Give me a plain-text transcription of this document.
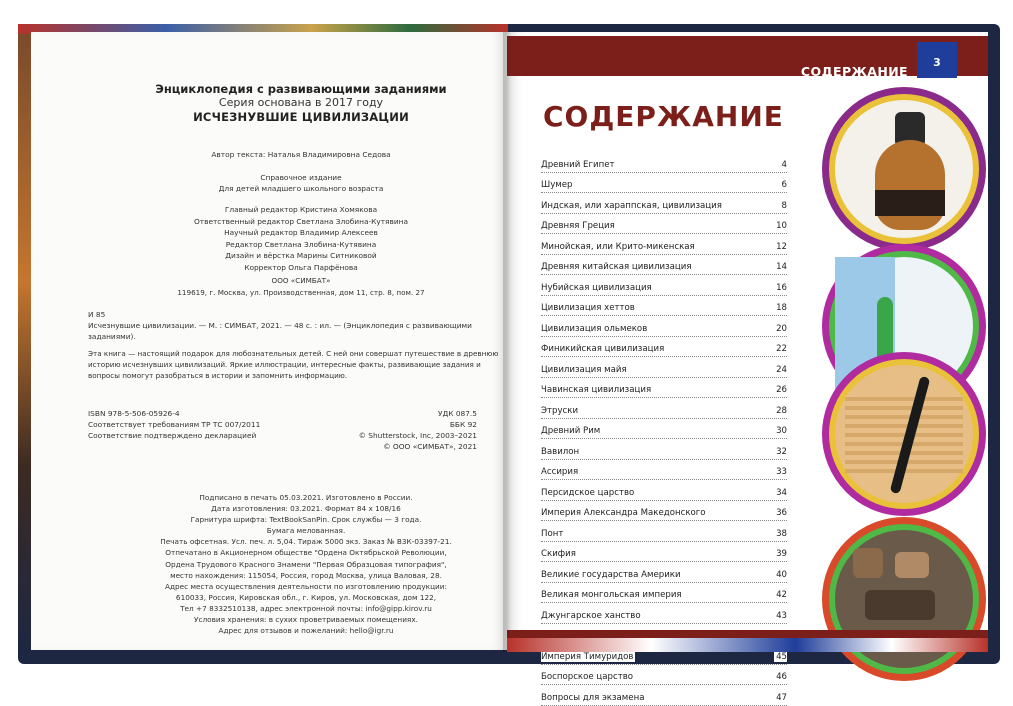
Энциклопедия с развивающими заданиями
Серия основана в 2017 году
ИСЧЕЗНУВШИЕ ЦИВИЛИЗАЦИИ
Автор текста: Наталья Владимировна Седова
Справочное издание
Для детей младшего школьного возраста
Главный редактор Кристина Хомякова
Ответственный редактор Светлана Злобина-Кутявина
Научный редактор Владимир Алексеев
Редактор Светлана Злобина-Кутявина
Дизайн и вёрстка Марины Ситниковой
Корректор Ольга Парфёнова
ООО «СИМБАТ»
119619, г. Москва, ул. Производственная, дом 11, стр. 8, пом. 27
И 85
Исчезнувшие цивилизации. — М. : СИМБАТ, 2021. — 48 с. : ил. — (Энциклопедия с развивающими заданиями).
Эта книга — настоящий подарок для любознательных детей. С ней они совершат путешествие в древнюю историю исчезнувших цивилизаций. Яркие иллюстрации, интересные факты, развивающие задания и вопросы помогут разобраться в истории и запомнить информацию.
ISBN 978-5-506-05926-4
Соответствует требованиям ТР ТС 007/2011
Соответствие подтверждено декларацией
УДК 087.5
ББК 92
© Shutterstock, Inc, 2003–2021
© ООО «СИМБАТ», 2021
Подписано в печать 05.03.2021. Изготовлено в России.
Дата изготовления: 03.2021. Формат 84 х 108/16
Гарнитура шрифта: TextBookSanPin. Срок службы — 3 года.
Бумага мелованная.
Печать офсетная. Усл. печ. л. 5,04. Тираж 5000 экз. Заказ № В3К-03397-21.
Отпечатано в Акционерном обществе "Ордена Октябрьской Революции,
Ордена Трудового Красного Знамени "Первая Образцовая типография",
место нахождения: 115054, Россия, город Москва, улица Валовая, 28.
Адрес места осуществления деятельности по изготовлению продукции:
610033, Россия, Кировская обл., г. Киров, ул. Московская, дом 122,
Тел +7 8332510138, адрес электронной почты: info@gipp.kirov.ru
Условия хранения: в сухих проветриваемых помещениях.
Адрес для отзывов и пожеланий: hello@igr.ru
СОДЕРЖАНИЕ
3
СОДЕРЖАНИЕ
Древний Египет	4
Шумер	6
Индская, или хараппская, цивилизация	8
Древняя Греция	10
Минойская, или Крито-микенская	12
Древняя китайская цивилизация	14
Нубийская цивилизация	16
Цивилизация хеттов	18
Цивилизация ольмеков	20
Финикийская цивилизация	22
Цивилизация майя	24
Чавинская цивилизация	26
Этруски	28
Древний Рим	30
Вавилон	32
Ассирия	33
Персидское царство	34
Империя Александра Македонского	36
Понт	38
Скифия	39
Великие государства Америки	40
Великая монгольская империя	42
Джунгарское ханство	43
Империя Тимуридов	45
Боспорское царство	46
Вопросы для экзамена	47
